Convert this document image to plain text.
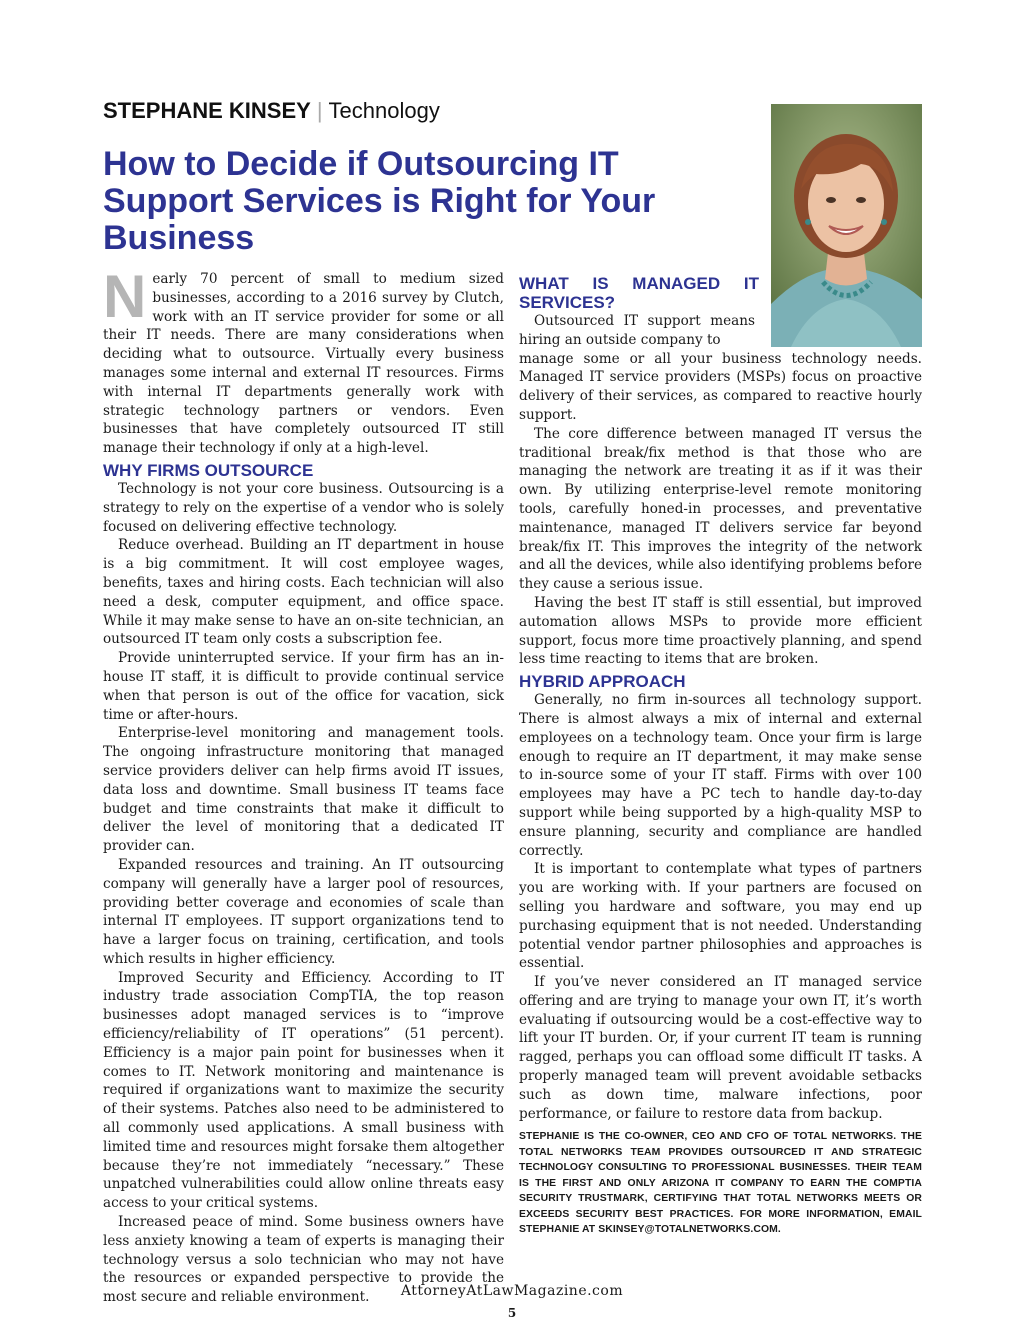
STEPHANE KINSEY | Technology
How to Decide if Outsourcing IT Support Services is Right for Your Business

Nearly 70 percent of small to medium sized businesses, according to a 2016 survey by Clutch, work with an IT service provider for some or all their IT needs. There are many considerations when deciding what to outsource. Virtually every business manages some internal and external IT resources. Firms with internal IT departments generally work with strategic technology partners or vendors. Even businesses that have completely outsourced IT still manage their technology if only at a high-level.

WHY FIRMS OUTSOURCE

Technology is not your core business. Outsourcing is a strategy to rely on the expertise of a vendor who is solely focused on delivering effective technology.

Reduce overhead. Building an IT department in house is a big commitment. It will cost employee wages, benefits, taxes and hiring costs. Each technician will also need a desk, computer equipment, and office space. While it may make sense to have an on-site technician, an outsourced IT team only costs a subscription fee.

Provide uninterrupted service. If your firm has an in-house IT staff, it is difficult to provide continual service when that person is out of the office for vacation, sick time or after-hours.

Enterprise-level monitoring and management tools. The ongoing infrastructure monitoring that managed service providers deliver can help firms avoid IT issues, data loss and downtime. Small business IT teams face budget and time constraints that make it difficult to deliver the level of monitoring that a dedicated IT provider can.

Expanded resources and training. An IT outsourcing company will generally have a larger pool of resources, providing better coverage and economies of scale than internal IT employees. IT support organizations tend to have a larger focus on training, certification, and tools which results in higher efficiency.

Improved Security and Efficiency. According to IT industry trade association CompTIA, the top reason businesses adopt managed services is to “improve efficiency/reliability of IT operations” (51 percent). Efficiency is a major pain point for businesses when it comes to IT. Network monitoring and maintenance is required if organizations want to maximize the security of their systems. Patches also need to be administered to all commonly used applications. A small business with limited time and resources might forsake them altogether because they’re not immediately “necessary.” These unpatched vulnerabilities could allow online threats easy access to your critical systems.

Increased peace of mind. Some business owners have less anxiety knowing a team of experts is managing their technology versus a solo technician who may not have the resources or expanded perspective to provide the most secure and reliable environment.

WHAT IS MANAGED IT SERVICES?

Outsourced IT support means hiring an outside company to

manage some or all your business technology needs. Managed IT service providers (MSPs) focus on proactive delivery of their services, as compared to reactive hourly support.

The core difference between managed IT versus the traditional break/fix method is that those who are managing the network are treating it as if it was their own. By utilizing enterprise-level remote monitoring tools, carefully honed-in processes, and preventative maintenance, managed IT delivers service far beyond break/fix IT. This improves the integrity of the network and all the devices, while also identifying problems before they cause a serious issue.

Having the best IT staff is still essential, but improved automation allows MSPs to provide more efficient support, focus more time proactively planning, and spend less time reacting to items that are broken.

HYBRID APPROACH

Generally, no firm in-sources all technology support. There is almost always a mix of internal and external employees on a technology team. Once your firm is large enough to require an IT department, it may make sense to in-source some of your IT staff. Firms with over 100 employees may have a PC tech to handle day-to-day support while being supported by a high-quality MSP to ensure planning, security and compliance are handled correctly.

It is important to contemplate what types of partners you are working with. If your partners are focused on selling you hardware and software, you may end up purchasing equipment that is not needed. Understanding potential vendor partner philosophies and approaches is essential.

If you’ve never considered an IT managed service offering and are trying to manage your own IT, it’s worth evaluating if outsourcing would be a cost-effective way to lift your IT burden. Or, if your current IT team is running ragged, perhaps you can offload some difficult IT tasks. A properly managed team will prevent avoidable setbacks such as down time, malware infections, poor performance, or failure to restore data from backup.

STEPHANIE IS THE CO-OWNER, CEO AND CFO OF TOTAL NETWORKS. THE TOTAL NETWORKS TEAM PROVIDES OUTSOURCED IT AND STRATEGIC TECHNOLOGY CONSULTING TO PROFESSIONAL BUSINESSES. THEIR TEAM IS THE FIRST AND ONLY ARIZONA IT COMPANY TO EARN THE COMPTIA SECURITY TRUSTMARK, CERTIFYING THAT TOTAL NETWORKS MEETS OR EXCEEDS SECURITY BEST PRACTICES. FOR MORE INFORMATION, EMAIL STEPHANIE AT SKINSEY@TOTALNETWORKS.COM.
AttorneyAtLawMagazine.com
5
